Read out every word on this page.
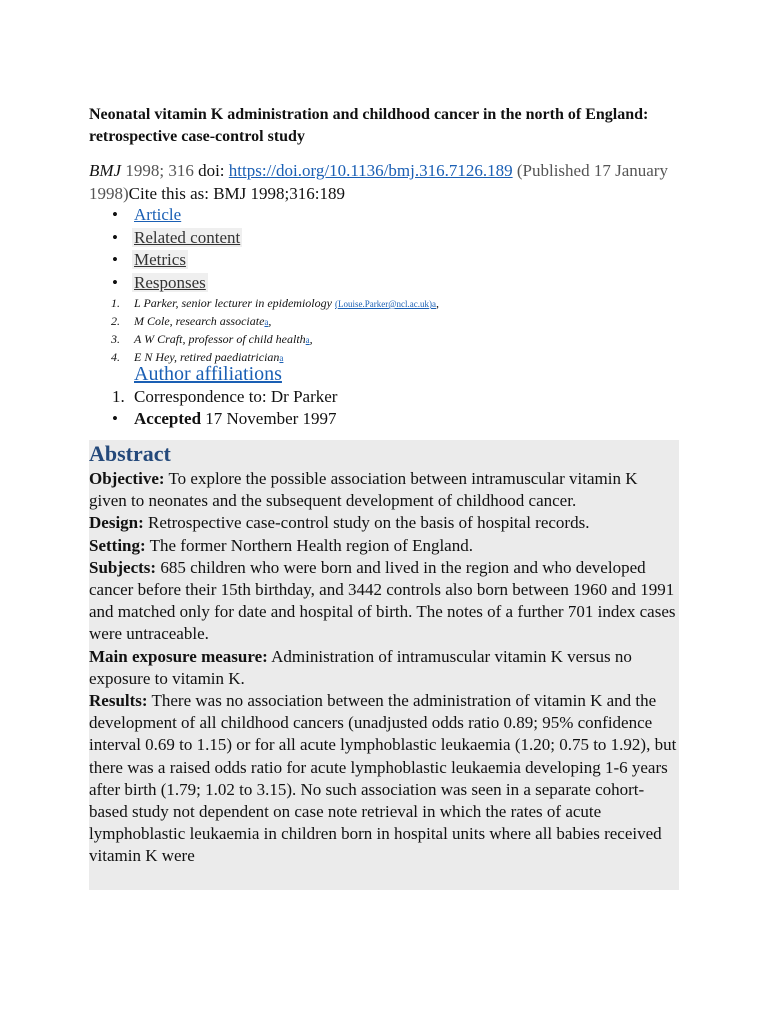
Neonatal vitamin K administration and childhood cancer in the north of England: retrospective case-control study
BMJ 1998; 316 doi: https://doi.org/10.1136/bmj.316.7126.189 (Published 17 January 1998)Cite this as: BMJ 1998;316:189
• Article
• Related content
• Metrics
• Responses
1. L Parker, senior lecturer in epidemiology (Louise.Parker@ncl.ac.uk)a,
2. M Cole, research associatea,
3. A W Craft, professor of child healtha,
4. E N Hey, retired paediatriciana
Author affiliations
1. Correspondence to: Dr Parker
• Accepted 17 November 1997
Abstract

Objective: To explore the possible association between intramuscular vitamin K given to neonates and the subsequent development of childhood cancer.

Design: Retrospective case-control study on the basis of hospital records.

Setting: The former Northern Health region of England.

Subjects: 685 children who were born and lived in the region and who developed cancer before their 15th birthday, and 3442 controls also born between 1960 and 1991 and matched only for date and hospital of birth. The notes of a further 701 index cases were untraceable.

Main exposure measure: Administration of intramuscular vitamin K versus no exposure to vitamin K.

Results: There was no association between the administration of vitamin K and the development of all childhood cancers (unadjusted odds ratio 0.89; 95% confidence interval 0.69 to 1.15) or for all acute lymphoblastic leukaemia (1.20; 0.75 to 1.92), but there was a raised odds ratio for acute lymphoblastic leukaemia developing 1-6 years after birth (1.79; 1.02 to 3.15). No such association was seen in a separate cohort-based study not dependent on case note retrieval in which the rates of acute lymphoblastic leukaemia in children born in hospital units where all babies received vitamin K were
